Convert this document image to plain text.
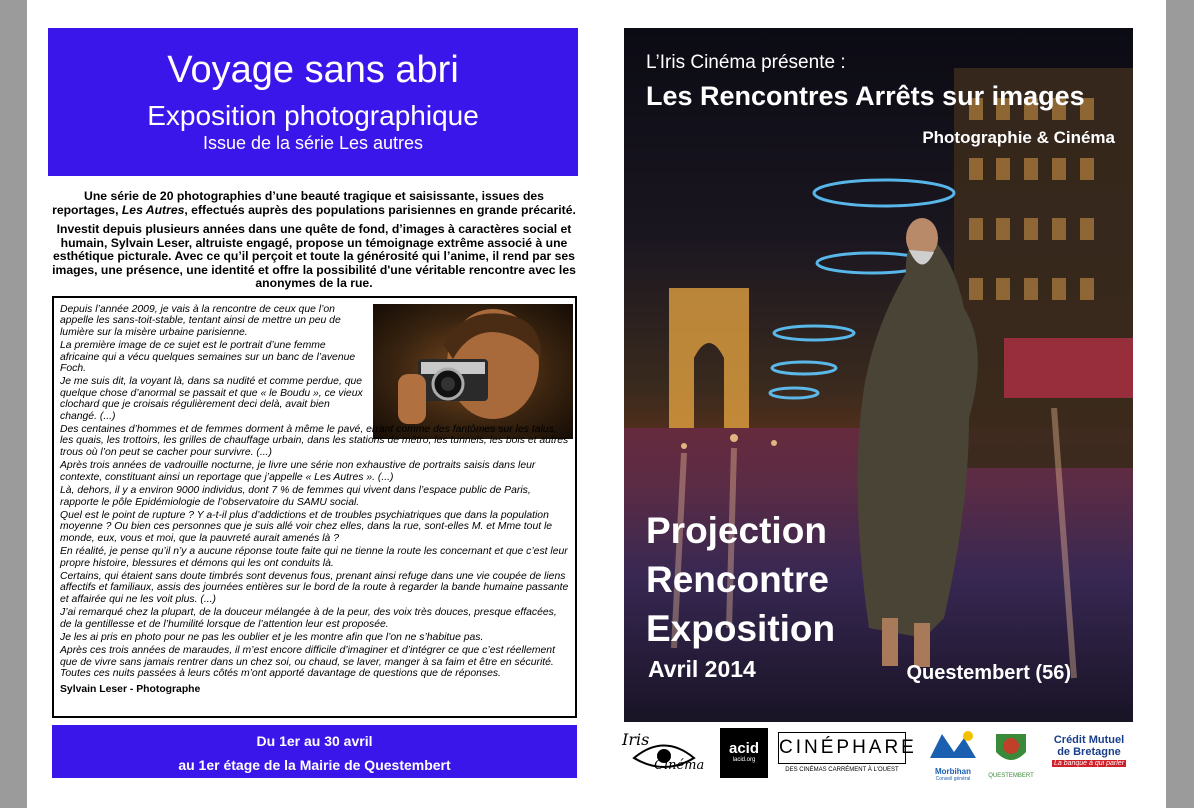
Voyage sans abri
Exposition photographique
Issue de la série Les autres

Une série de 20 photographies d’une beauté tragique et saisissante, issues des reportages, Les Autres, effectués auprès des populations parisiennes en grande précarité.

Investit depuis plusieurs années dans une quête de fond, d’images à caractères social et humain, Sylvain Leser, altruiste engagé, propose un témoignage extrême associé à une esthétique picturale. Avec ce qu’il perçoit et toute la générosité qui l’anime, il rend par ses images, une présence, une identité et offre la possibilité d'une véritable rencontre avec les anonymes de la rue.

Depuis l’année 2009, je vais à la rencontre de ceux que l’on appelle les sans-toit-stable, tentant ainsi de mettre un peu de lumière sur la misère urbaine parisienne.

La première image de ce sujet est le portrait d’une femme africaine qui a vécu quelques semaines sur un banc de l’avenue Foch.

Je me suis dit, la voyant là, dans sa nudité et comme perdue, que quelque chose d’anormal se passait et que « le Boudu », ce vieux clochard que je croisais régulièrement deci delà, avait bien changé. (...)

Des centaines d’hommes et de femmes dorment à même le pavé, errant comme des fantômes sur les talus, les quais, les trottoirs, les grilles de chauffage urbain, dans les stations de métro, les tunnels, les bois et autres trous où l’on peut se cacher pour survivre. (...)

Après trois années de vadrouille nocturne, je livre une série non exhaustive de portraits saisis dans leur contexte, constituant ainsi un reportage que j’appelle « Les Autres ». (...)

Là, dehors, il y a environ 9000 individus, dont 7 % de femmes qui vivent dans l’espace public de Paris, rapporte le pôle Epidémiologie de l’observatoire du SAMU social.

Quel est le point de rupture ? Y a-t-il plus d’addictions et de troubles psychiatriques que dans la population moyenne ? Ou bien ces personnes que je suis allé voir chez elles, dans la rue, sont-elles M. et Mme tout le monde, eux, vous et moi, que la pauvreté aurait amenés là ?

En réalité, je pense qu’il n’y a aucune réponse toute faite qui ne tienne la route les concernant et que c’est leur propre histoire, blessures et démons qui les ont conduits là.

Certains, qui étaient sans doute timbrés sont devenus fous, prenant ainsi refuge dans une vie coupée de liens affectifs et familiaux, assis des journées entières sur le bord de la route à regarder la bande humaine passante et affairée qui ne les voit plus. (...)

J’ai remarqué chez la plupart, de la douceur mélangée à de la peur, des voix très douces, presque effacées, de la gentillesse et de l’humilité lorsque de l’attention leur est proposée.

Je les ai pris en photo pour ne pas les oublier et je les montre afin que l’on ne s’habitue pas.

Après ces trois années de maraudes, il m’est encore difficile d’imaginer et d’intégrer ce que c’est réellement que de vivre sans jamais rentrer dans un chez soi, ou chaud, se laver, manger à sa faim et être en sécurité. Toutes ces nuits passées à leurs côtés m’ont apporté davantage de questions que de réponses.

Sylvain Leser - Photographe

Du 1er au 30 avril
au 1er étage de la Mairie de Questembert
L’Iris Cinéma présente :
Les Rencontres Arrêts sur images
Photographie & Cinéma
Projection
Rencontre
Exposition
Avril 2014	Questembert (56)
Iris
Cinéma
acid
lacid.org
CINÉPHARE
DES CINÉMAS CARRÉMENT À L'OUEST	Morbihan
Conseil général	QUESTEMBERT
Crédit Mutuel
de Bretagne
La banque à qui parler
